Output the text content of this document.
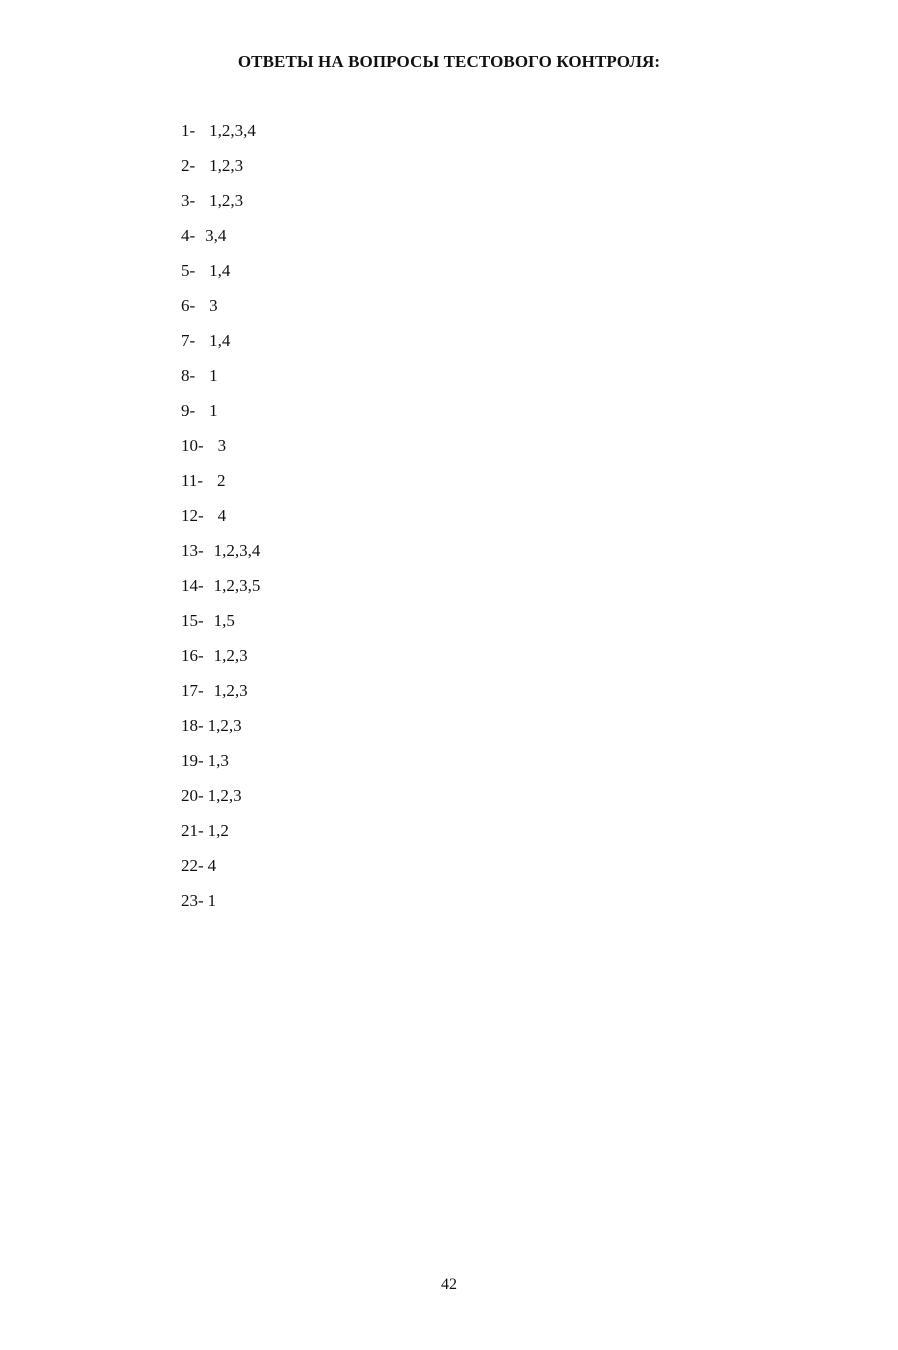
ОТВЕТЫ НА ВОПРОСЫ ТЕСТОВОГО КОНТРОЛЯ:
1- 1,2,3,4
2- 1,2,3
3- 1,2,3
4- 3,4
5- 1,4
6- 3
7- 1,4
8- 1
9- 1
10- 3
11- 2
12- 4
13- 1,2,3,4
14- 1,2,3,5
15- 1,5
16- 1,2,3
17- 1,2,3
18- 1,2,3
19- 1,3
20- 1,2,3
21- 1,2
22- 4
23- 1
42
